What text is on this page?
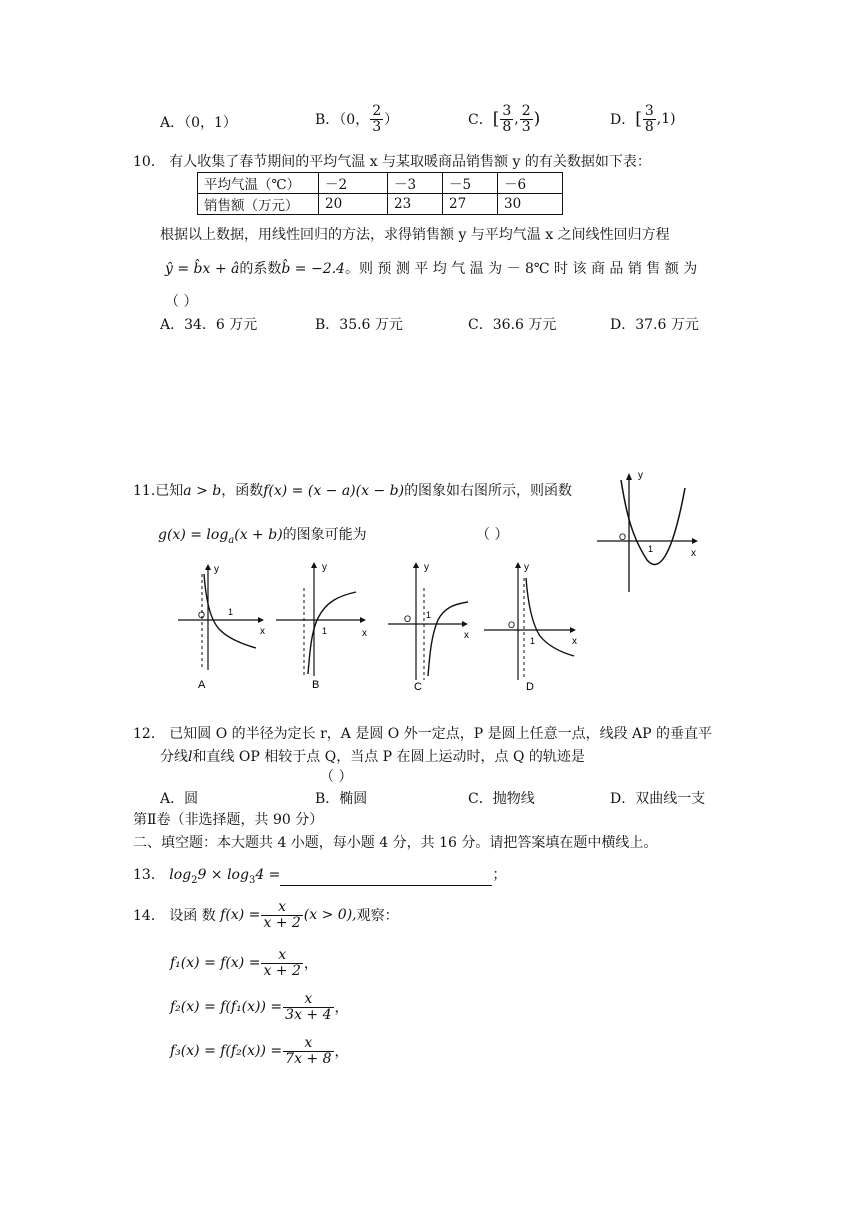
A．（0，1）	B．（0， $\frac{2}{3}$ ）	C．[ $\frac{3}{8}$ , $\frac{2}{3}$ )	D．[ $\frac{3}{8} ,1$)
10． 有人收集了春节期间的平均气温 x 与某取暖商品销售额 y 的有关数据如下表：
平均气温（℃）	－2	－3	－5	－6
销售额（万元）	20	23	27	30
根据以上数据，用线性回归的方法，求得销售额 y 与平均气温 x 之间线性回归方程
ŷ = b̂x + â的系数b̂ = −2.4。则 预 测 平 均 气 温 为 － 8℃ 时 该 商 品 销 售 额 为
（ ）
A．34．6 万元	B．35.6 万元	C．36.6 万元	D．37.6 万元
11.已知a > b，函数f(x) = (x − a)(x − b)的图象如右图所示，则函数
$g(x) = \log_a(x + b)$的图象可能为	（ ）
y
x
O
1
y
x
O	1
A
y
x
1
B
y
x
O 1
C
y
x
O
1
D
12． 已知圆 O 的半径为定长 r，A 是圆 O 外一定点，P 是圆上任意一点，线段 AP 的垂直平
分线l和直线 OP 相较于点 Q，当点 P 在圆上运动时，点 Q 的轨迹是
（ ）
A．圆	B．椭圆	C．抛物线	D．双曲线一支
第Ⅱ卷（非选择题，共 90 分）
二、填空题：本大题共 4 小题，每小题 4 分，共 16 分。请把答案填在题中横线上。
13． $\log_29 \times \log_34$ =	；
14． 设函 数 $f(x) = \frac{x}{x + 2} (x > 0)$,观察：
$f_1(x) = f(x) = \frac{x}{x + 2}$ ，
$f_2(x) = f(f_1(x)) = \frac{x}{3x + 4}$ ，
$f_3(x) = f(f_2(x)) = \frac{x}{7x + 8}$ ，
